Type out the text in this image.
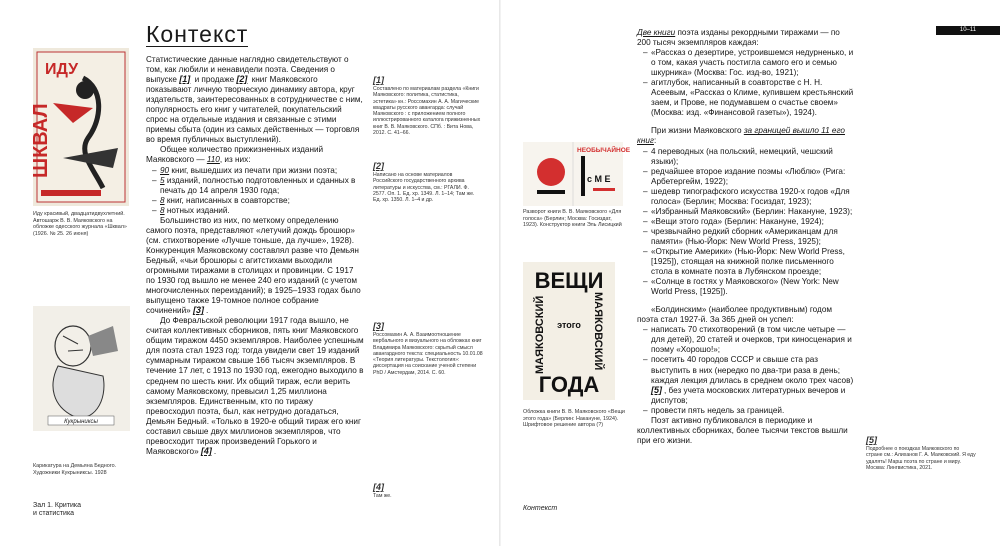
ИДУ
ШКВАЛ
Иду красивый, двадцатидвухлетний. Автошарж В. В. Маяковского на обложке одесского журнала «Шквал» (1926. № 25. 26 июня)
Кукрыниксы
Карикатура на Демьяна Бедного. Художники Кукрыниксы. 1928
Контекст

Статистические данные наглядно свидетельствуют о том, как любили и ненавидели поэта. Сведения о выпуске [1] и продаже [2] книг Маяковского показывают личную творческую динамику автора, круг издательств, заинтересованных в сотрудничестве с ним, популярность его книг у читателей, покупательский спрос на отдельные издания и связанные с этими приемы сбыта (один из самых действенных — торговля во время публичных выступлений).

Общее количество прижизненных изданий Маяковского — 110, из них:

– 90 книг, вышедших из печати при жизни поэта;
– 5 изданий, полностью подготовленных и сданных в печать до 14 апреля 1930 года;
– 8 книг, написанных в соавторстве;
– 8 нотных изданий.

Большинство из них, по меткому определению самого поэта, представляют «летучий дождь брошюр» (см. стихотворение «Лучше тоньше, да лучше», 1928). Конкуренция Маяковскому составлял разве что Демьян Бедный, «чьи брошюры с агитстихами выходили огромными тиражами в столицах и провинции. С 1917 по 1930 год вышло не менее 240 его изданий (с учетом многочисленных переизданий); в 1925–1933 годах было выпущено также 19-томное полное собрание сочинений» [3] .

До Февральской революции 1917 года вышло, не считая коллективных сборников, пять книг Маяковского общим тиражом 4450 экземпляров. Наиболее успешным для поэта стал 1923 год: тогда увидели свет 19 изданий суммарным тиражом свыше 166 тысяч экземпляров. В течение 17 лет, с 1913 по 1930 год, ежегодно выходило в среднем по шесть книг. Их общий тираж, если верить самому Маяковскому, превысил 1,25 миллиона экземпляров. Единственным, кто по тиражу превосходил поэта, был, как нетрудно догадаться, Демьян Бедный. «Только в 1920-е общий тираж его книг составил свыше двух миллионов экземпляров, что превосходит тираж произведений Горького и Маяковского» [4] .

[1]
Составлено по материалам раздела «Книги Маяковского: политика, статистика, эстетика» кн.: Россомахин А. А. Магические квадраты русского авангарда: случай Маяковского : с приложением полного иллюстрированного каталога прижизненных книг В. В. Маяковского. СПб. : Вита Нова, 2012. С. 41–66.
[2]
Написано на основе материалов Российского государственного архива литературы и искусства, см.: РГАЛИ. Ф. 2577. Оп. 1. Ед. хр. 1349. Л. 1–14; Там же. Ед. хр. 1350. Л. 1–4 и др.
[3]
Россомахин А. А. Взаимоотношение вербального и визуального на обложках книг Владимира Маяковского: скрытый смысл авангардного текста: специальность 10.01.08 «Теория литературы. Текстология»: диссертация на соискание ученой степени PhD / Амстердам, 2014. С. 60.
[4]
Там же.
Зал 1. Критика
и статистика
10–11
НЕОБЫЧАЙНОЕ
с М Е
Разворот книги В. В. Маяковского «Для голоса» (Берлин; Москва: Госиздат, 1923). Конструктор книги Эль Лисицкий
ВЕЩИ
этого
ГОДА
МАЯКОВСКИЙ	МАЯКОВСКИЙ
Обложка книги В. В. Маяковского «Вещи этого года» (Берлин: Накануне, 1924). Шрифтовое решение автора (?)

Две книги поэта изданы рекордными тиражами — по 200 тысяч экземпляров каждая:

– «Рассказ о дезертире, устроившемся недурненько, и о том, какая участь постигла самого его и семью шкурника» (Москва: Гос. изд-во, 1921);
– агитлубок, написанный в соавторстве с Н. Н. Асеевым, «Рассказ о Климе, купившем крестьянский заем, и Прове, не подумавшем о счастье своем» (Москва: изд. «Финансовой газеты»), 1924).

При жизни Маяковского за границей вышло 11 его книг:

– 4 переводных (на польский, немецкий, чешский языки);
– редчайшее второе издание поэмы «Люблю» (Рига: Арбетергейм, 1922);
– шедевр типографского искусства 1920-х годов «Для голоса» (Берлин; Москва: Госиздат, 1923);
– «Избранный Маяковский» (Берлин: Накануне, 1923);
– «Вещи этого года» (Берлин: Накануне, 1924);
– чрезвычайно редкий сборник «Американцам для памяти» (Нью-Йорк: New World Press, 1925);
– «Открытие Америки» (Нью-Йорк: New World Press, [1925]), стоящая на книжной полке письменного стола в комнате поэта в Лубянском проезде;
– «Солнце в гостях у Маяковского» (New York: New World Press, [1925]).

«Болдинским» (наиболее продуктивным) годом поэта стал 1927-й. За 365 дней он успел:

– написать 70 стихотворений (в том числе четыре — для детей), 20 статей и очерков, три киносценария и поэму «Хорошо!»;
– посетить 40 городов СССР и свыше ста раз выступить в них (нередко по два-три раза в день; каждая лекция длилась в среднем около трех часов) [5] , без учета московских литературных вечеров и диспутов;
– провести пять недель за границей.

Поэт активно публиковался в периодике и коллективных сборниках, более тысячи текстов вышли при его жизни.	[5]
Подробнее о поездках Маяковского по стране см.: Алиханов Г. А. Маяковский. Я еду удалять! Марш поэта по стране и миру. Москва: Лингвистика, 2021.
Контекст
